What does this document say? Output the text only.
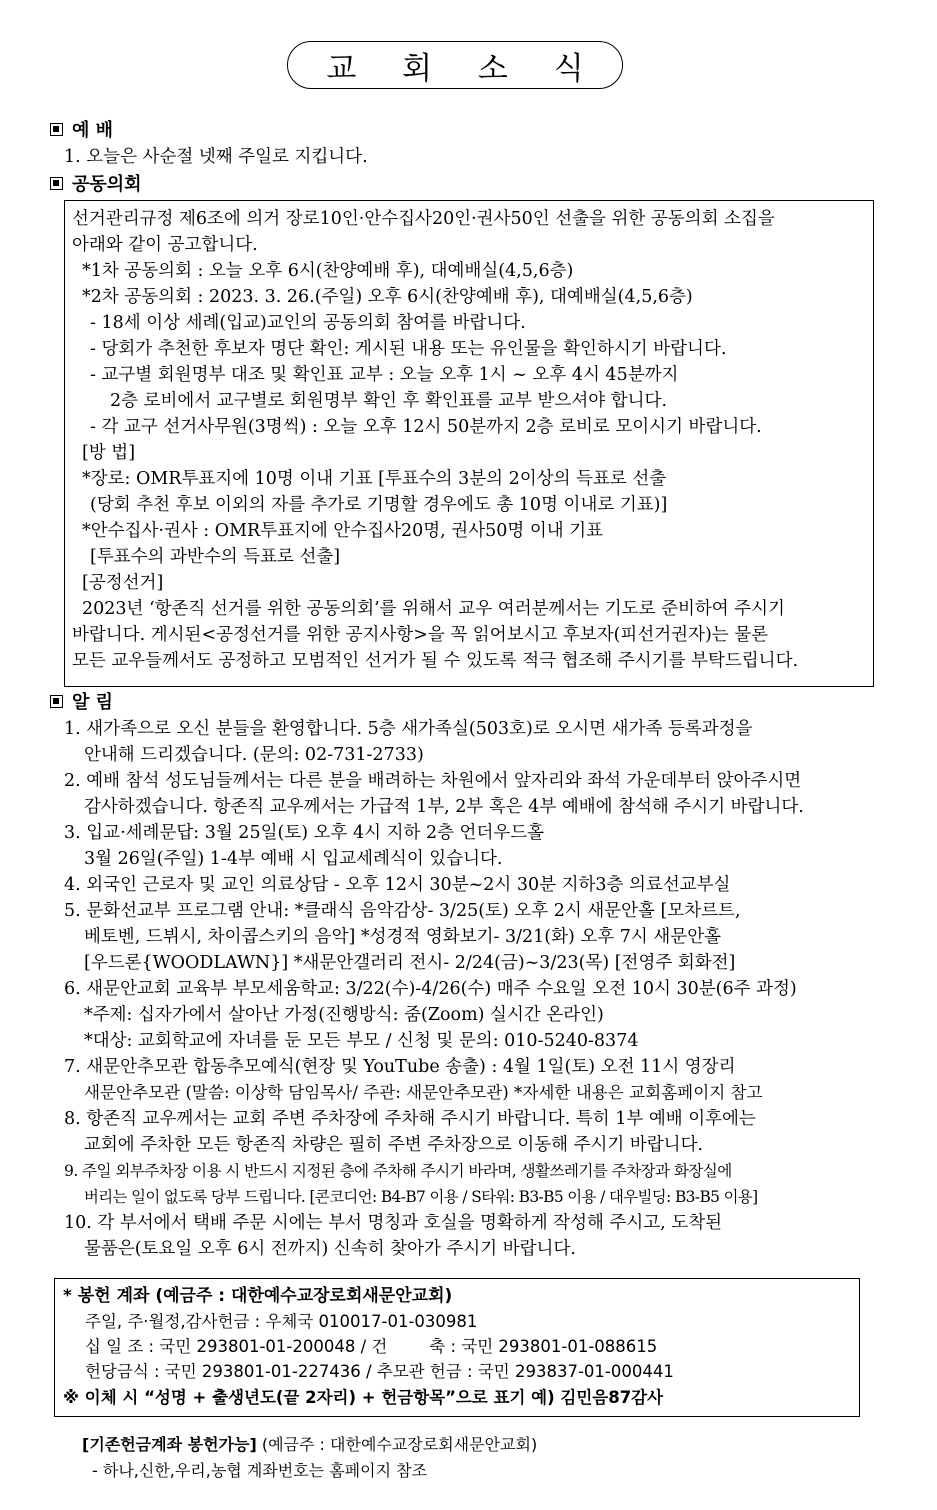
교 회 소 식
예 배
1. 오늘은 사순절 넷째 주일로 지킵니다.
공동의회
선거관리규정 제6조에 의거 장로10인·안수집사20인·권사50인 선출을 위한 공동의회 소집을
아래와 같이 공고합니다.
*1차 공동의회 : 오늘 오후 6시(찬양예배 후), 대예배실(4,5,6층)
*2차 공동의회 : 2023. 3. 26.(주일) 오후 6시(찬양예배 후), 대예배실(4,5,6층)
- 18세 이상 세례(입교)교인의 공동의회 참여를 바랍니다.
- 당회가 추천한 후보자 명단 확인: 게시된 내용 또는 유인물을 확인하시기 바랍니다.
- 교구별 회원명부 대조 및 확인표 교부 : 오늘 오후 1시 ~ 오후 4시 45분까지
2층 로비에서 교구별로 회원명부 확인 후 확인표를 교부 받으셔야 합니다.
- 각 교구 선거사무원(3명씩) : 오늘 오후 12시 50분까지 2층 로비로 모이시기 바랍니다.
[방 법]
*장로: OMR투표지에 10명 이내 기표 [투표수의 3분의 2이상의 득표로 선출
(당회 추천 후보 이외의 자를 추가로 기명할 경우에도 총 10명 이내로 기표)]
*안수집사·권사 : OMR투표지에 안수집사20명, 권사50명 이내 기표
[투표수의 과반수의 득표로 선출]
[공정선거]
2023년 ‘항존직 선거를 위한 공동의회’를 위해서 교우 여러분께서는 기도로 준비하여 주시기
바랍니다. 게시된<공정선거를 위한 공지사항>을 꼭 읽어보시고 후보자(피선거권자)는 물론
모든 교우들께서도 공정하고 모범적인 선거가 될 수 있도록 적극 협조해 주시기를 부탁드립니다.
알 림
1. 새가족으로 오신 분들을 환영합니다. 5층 새가족실(503호)로 오시면 새가족 등록과정을
안내해 드리겠습니다. (문의: 02-731-2733)
2. 예배 참석 성도님들께서는 다른 분을 배려하는 차원에서 앞자리와 좌석 가운데부터 앉아주시면
감사하겠습니다. 항존직 교우께서는 가급적 1부, 2부 혹은 4부 예배에 참석해 주시기 바랍니다.
3. 입교·세례문답: 3월 25일(토) 오후 4시 지하 2층 언더우드홀
3월 26일(주일) 1-4부 예배 시 입교세례식이 있습니다.
4. 외국인 근로자 및 교인 의료상담 - 오후 12시 30분~2시 30분 지하3층 의료선교부실
5. 문화선교부 프로그램 안내: *클래식 음악감상- 3/25(토) 오후 2시 새문안홀 [모차르트,
베토벤, 드뷔시, 차이콥스키의 음악] *성경적 영화보기- 3/21(화) 오후 7시 새문안홀
[우드론{WOODLAWN}] *새문안갤러리 전시- 2/24(금)~3/23(목) [전영주 회화전]
6. 새문안교회 교육부 부모세움학교: 3/22(수)-4/26(수) 매주 수요일 오전 10시 30분(6주 과정)
*주제: 십자가에서 살아난 가정(진행방식: 줌(Zoom) 실시간 온라인)
*대상: 교회학교에 자녀를 둔 모든 부모 / 신청 및 문의: 010-5240-8374
7. 새문안추모관 합동추모예식(현장 및 YouTube 송출) : 4월 1일(토) 오전 11시 영장리
새문안추모관 (말씀: 이상학 담임목사/ 주관: 새문안추모관) *자세한 내용은 교회홈페이지 참고
8. 항존직 교우께서는 교회 주변 주차장에 주차해 주시기 바랍니다. 특히 1부 예배 이후에는
교회에 주차한 모든 항존직 차량은 필히 주변 주차장으로 이동해 주시기 바랍니다.
9. 주일 외부주차장 이용 시 반드시 지정된 층에 주차해 주시기 바라며, 생활쓰레기를 주차장과 화장실에
버리는 일이 없도록 당부 드립니다. [콘코디언: B4-B7 이용 / S타워: B3-B5 이용 / 대우빌딩: B3-B5 이용]
10. 각 부서에서 택배 주문 시에는 부서 명칭과 호실을 명확하게 작성해 주시고, 도착된
물품은(토요일 오후 6시 전까지) 신속히 찾아가 주시기 바랍니다.
* 봉헌 계좌 (예금주 : 대한예수교장로회새문안교회)
주일, 주·월정,감사헌금 : 우체국 010017-01-030981
십 일 조 : 국민 293801-01-200048 / 건        축 : 국민 293801-01-088615
헌당금식 : 국민 293801-01-227436 / 추모관 헌금 : 국민 293837-01-000441
※ 이체 시 “성명 + 출생년도(끝 2자리) + 헌금항목”으로 표기 예) 김민음87감사
[기존헌금계좌 봉헌가능] (예금주 : 대한예수교장로회새문안교회)
- 하나,신한,우리,농협 계좌번호는 홈페이지 참조
